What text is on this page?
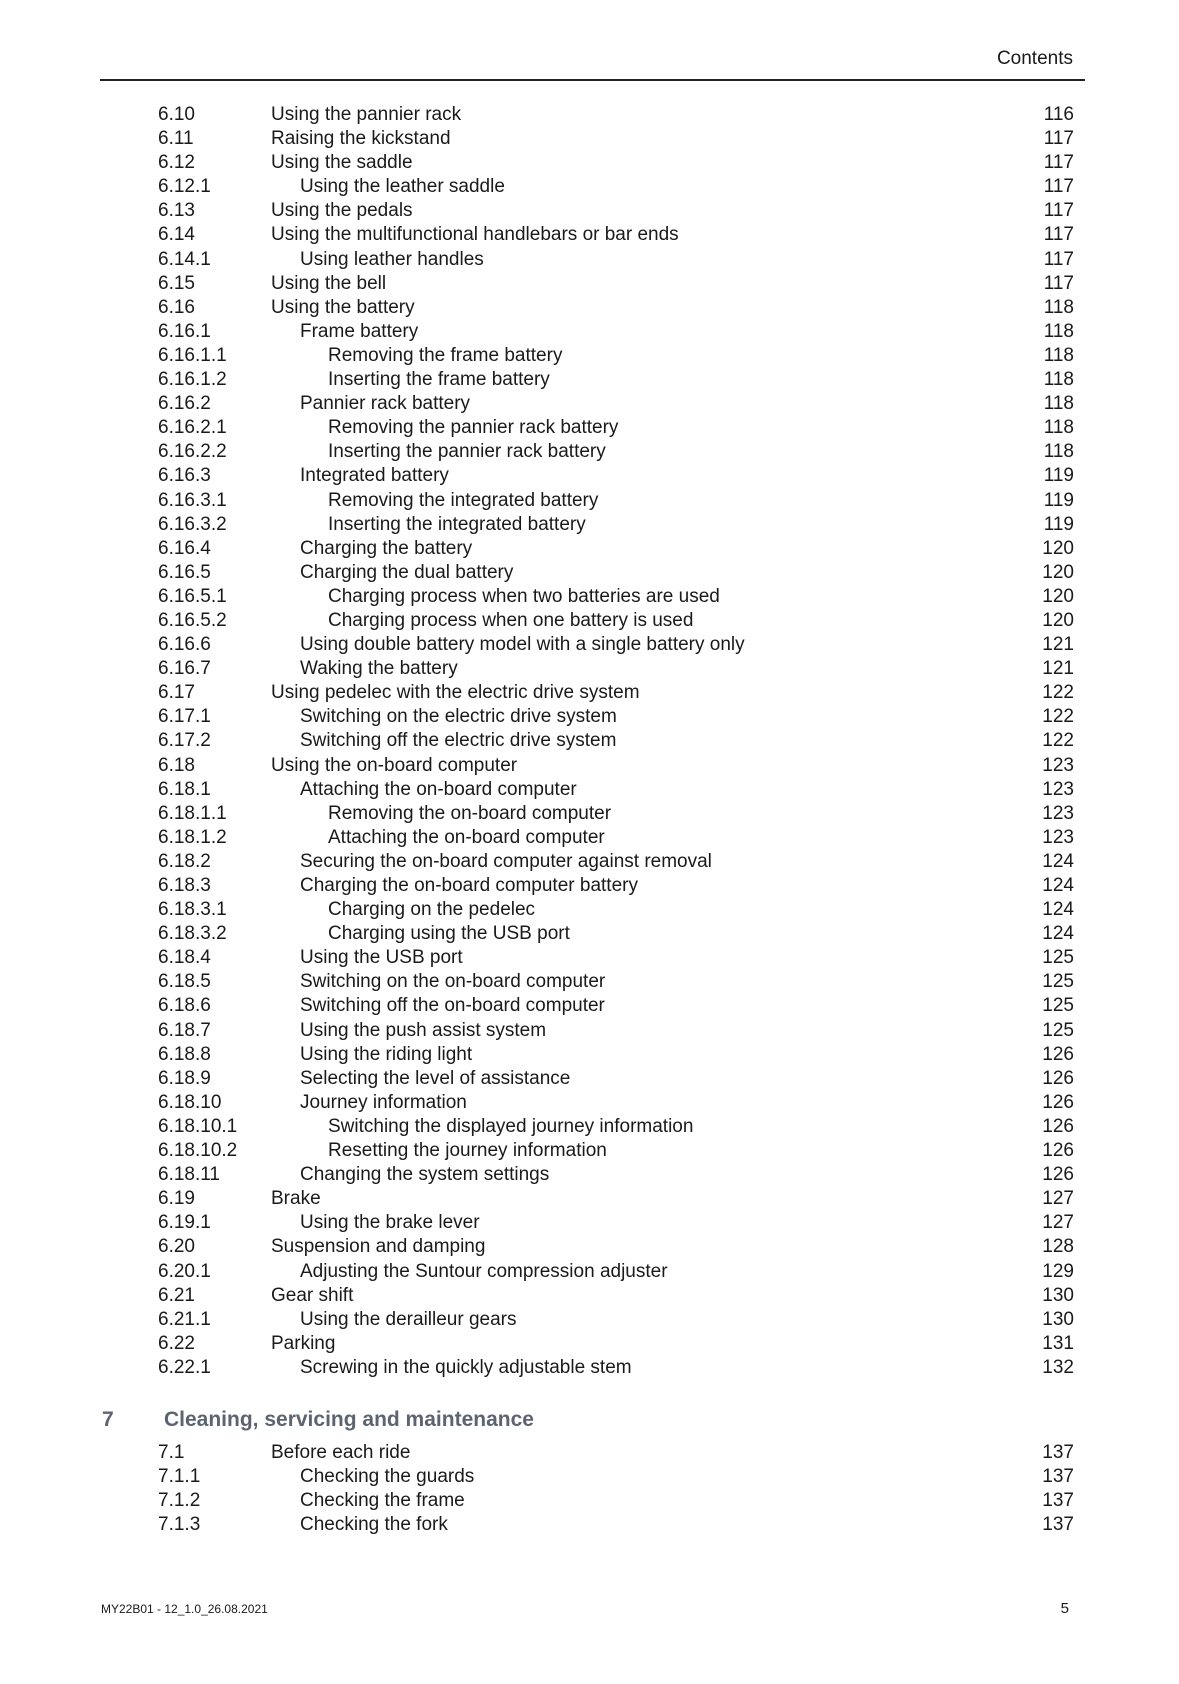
Contents
6.10	Using the pannier rack	116
6.11	Raising the kickstand	117
6.12	Using the saddle	117
6.12.1	Using the leather saddle	117
6.13	Using the pedals	117
6.14	Using the multifunctional handlebars or bar ends	117
6.14.1	Using leather handles	117
6.15	Using the bell	117
6.16	Using the battery	118
6.16.1	Frame battery	118
6.16.1.1	Removing the frame battery	118
6.16.1.2	Inserting the frame battery	118
6.16.2	Pannier rack battery	118
6.16.2.1	Removing the pannier rack battery	118
6.16.2.2	Inserting the pannier rack battery	118
6.16.3	Integrated battery	119
6.16.3.1	Removing the integrated battery	119
6.16.3.2	Inserting the integrated battery	119
6.16.4	Charging the battery	120
6.16.5	Charging the dual battery	120
6.16.5.1	Charging process when two batteries are used	120
6.16.5.2	Charging process when one battery is used	120
6.16.6	Using double battery model with a single battery only	121
6.16.7	Waking the battery	121
6.17	Using pedelec with the electric drive system	122
6.17.1	Switching on the electric drive system	122
6.17.2	Switching off the electric drive system	122
6.18	Using the on-board computer	123
6.18.1	Attaching the on-board computer	123
6.18.1.1	Removing the on-board computer	123
6.18.1.2	Attaching the on-board computer	123
6.18.2	Securing the on-board computer against removal	124
6.18.3	Charging the on-board computer battery	124
6.18.3.1	Charging on the pedelec	124
6.18.3.2	Charging using the USB port	124
6.18.4	Using the USB port	125
6.18.5	Switching on the on-board computer	125
6.18.6	Switching off the on-board computer	125
6.18.7	Using the push assist system	125
6.18.8	Using the riding light	126
6.18.9	Selecting the level of assistance	126
6.18.10	Journey information	126
6.18.10.1	Switching the displayed journey information	126
6.18.10.2	Resetting the journey information	126
6.18.11	Changing the system settings	126
6.19	Brake	127
6.19.1	Using the brake lever	127
6.20	Suspension and damping	128
6.20.1	Adjusting the Suntour compression adjuster	129
6.21	Gear shift	130
6.21.1	Using the derailleur gears	130
6.22	Parking	131
6.22.1	Screwing in the quickly adjustable stem	132
7 Cleaning, servicing and maintenance
7.1	Before each ride	137
7.1.1	Checking the guards	137
7.1.2	Checking the frame	137
7.1.3	Checking the fork	137
MY22B01 - 12_1.0_26.08.2021	5
